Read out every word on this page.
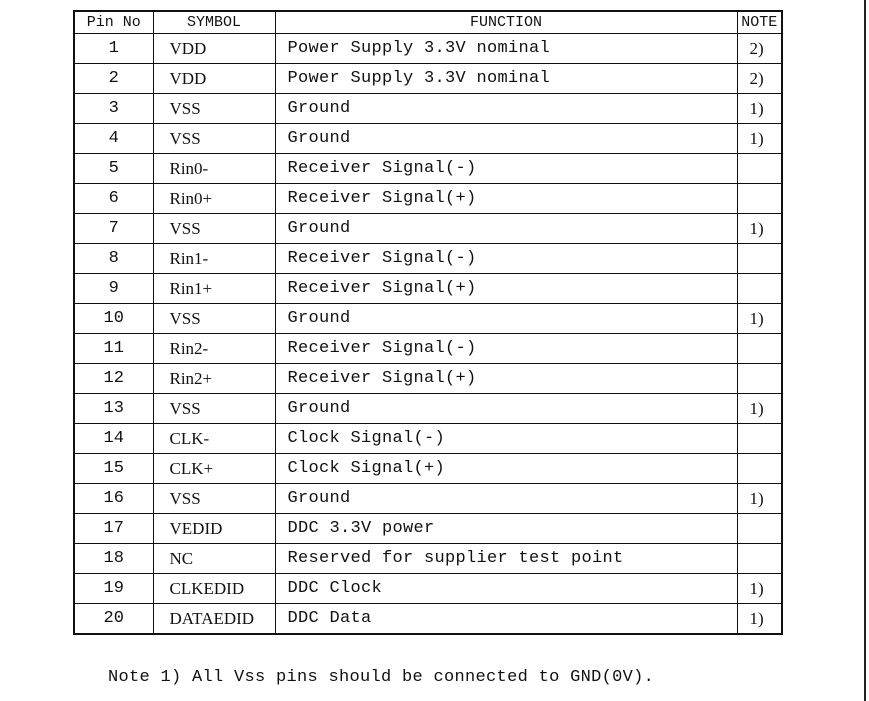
Pin No	SYMBOL	FUNCTION	NOTE
1	VDD	Power Supply 3.3V nominal	2)
2	VDD	Power Supply 3.3V nominal	2)
3	VSS	Ground	1)
4	VSS	Ground	1)
5	Rin0-	Receiver Signal(-)	
6	Rin0+	Receiver Signal(+)	
7	VSS	Ground	1)
8	Rin1-	Receiver Signal(-)	
9	Rin1+	Receiver Signal(+)	
10	VSS	Ground	1)
11	Rin2-	Receiver Signal(-)	
12	Rin2+	Receiver Signal(+)	
13	VSS	Ground	1)
14	CLK-	Clock Signal(-)	
15	CLK+	Clock Signal(+)	
16	VSS	Ground	1)
17	VEDID	DDC 3.3V power	
18	NC	Reserved for supplier test point	
19	CLKEDID	DDC Clock	1)
20	DATAEDID	DDC Data	1)
Note 1) All Vss pins should be connected to GND(0V).
